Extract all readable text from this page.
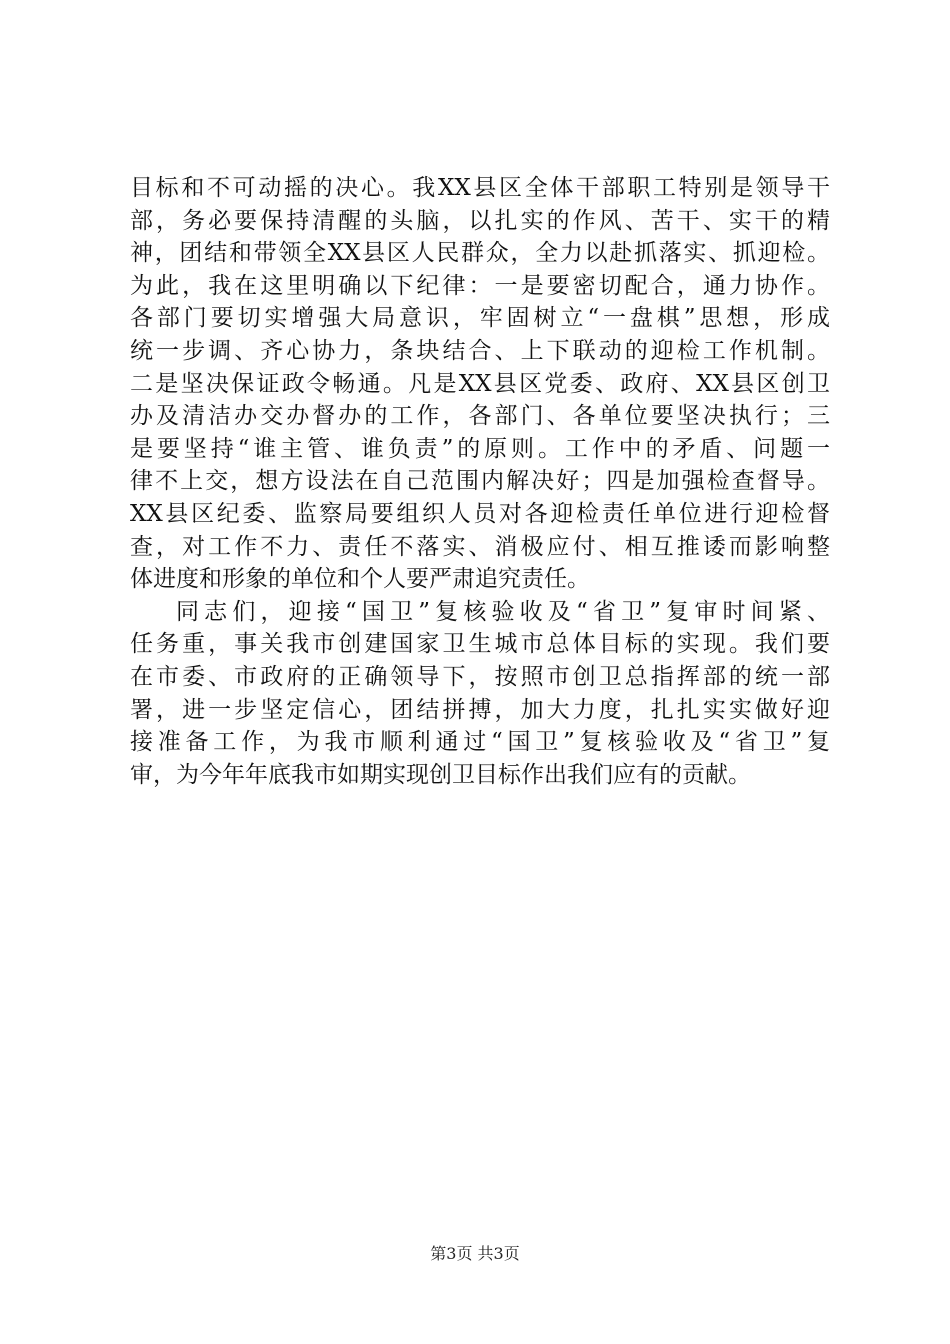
目标和不可动摇的决心。我XX县区全体干部职工特别是领导干
部，务必要保持清醒的头脑，以扎实的作风、苦干、实干的精
神，团结和带领全XX县区人民群众，全力以赴抓落实、抓迎检。
为此，我在这里明确以下纪律：一是要密切配合，通力协作。
各部门要切实增强大局意识，牢固树立“一盘棋”思想，形成
统一步调、齐心协力，条块结合、上下联动的迎检工作机制。
二是坚决保证政令畅通。凡是XX县区党委、政府、XX县区创卫
办及清洁办交办督办的工作，各部门、各单位要坚决执行；三
是要坚持“谁主管、谁负责”的原则。工作中的矛盾、问题一
律不上交，想方设法在自己范围内解决好；四是加强检查督导。
XX县区纪委、监察局要组织人员对各迎检责任单位进行迎检督
查，对工作不力、责任不落实、消极应付、相互推诿而影响整
体进度和形象的单位和个人要严肃追究责任。
同志们，迎接“国卫”复核验收及“省卫”复审时间紧、
任务重，事关我市创建国家卫生城市总体目标的实现。我们要
在市委、市政府的正确领导下，按照市创卫总指挥部的统一部
署，进一步坚定信心，团结拼搏，加大力度，扎扎实实做好迎
接准备工作，为我市顺利通过“国卫”复核验收及“省卫”复
审，为今年年底我市如期实现创卫目标作出我们应有的贡献。
第3页 共3页
